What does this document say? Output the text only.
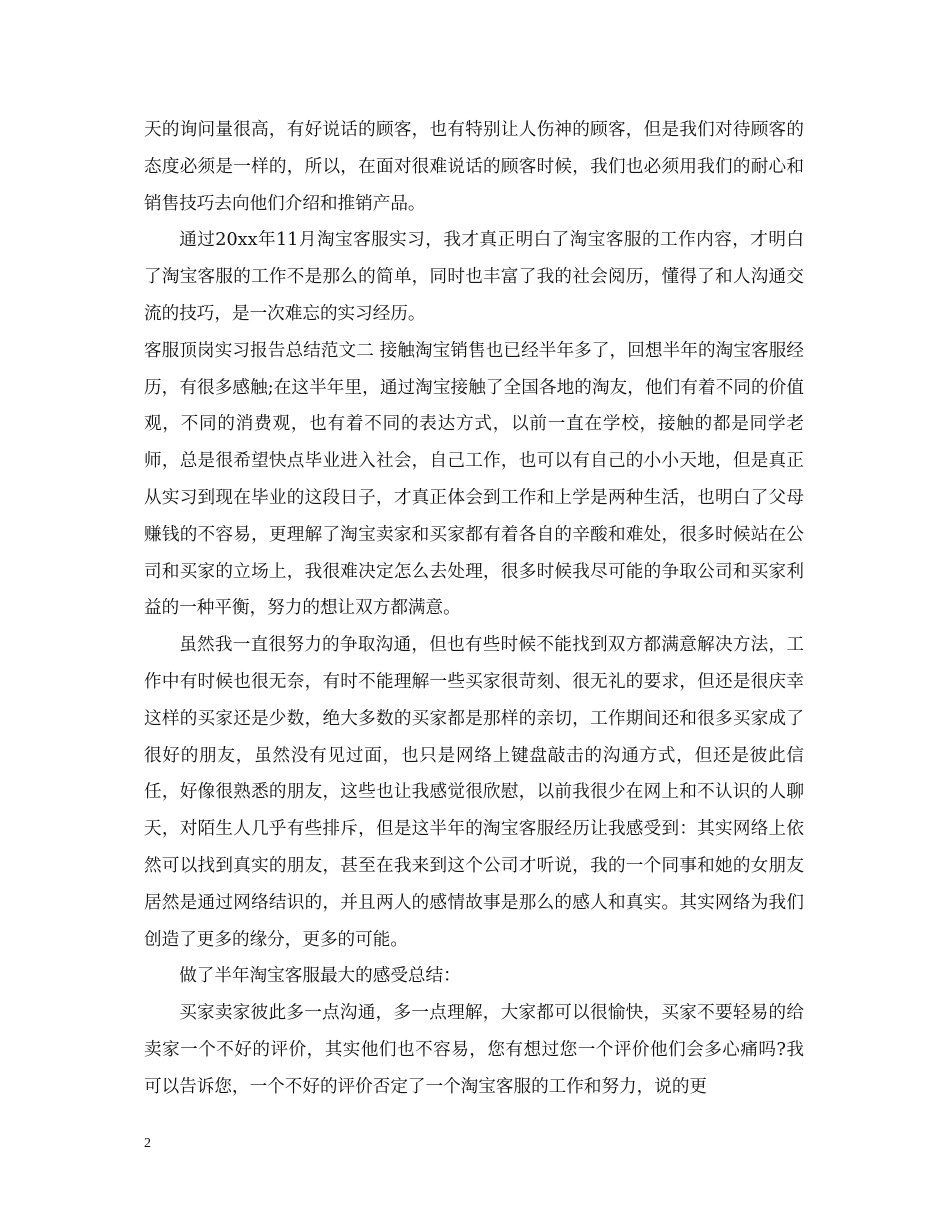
天的询问量很高，有好说话的顾客，也有特别让人伤神的顾客，但是我们对待顾客的态度必须是一样的，所以，在面对很难说话的顾客时候，我们也必须用我们的耐心和销售技巧去向他们介绍和推销产品。

通过20xx年11月淘宝客服实习，我才真正明白了淘宝客服的工作内容，才明白了淘宝客服的工作不是那么的简单，同时也丰富了我的社会阅历，懂得了和人沟通交流的技巧，是一次难忘的实习经历。

客服顶岗实习报告总结范文二 接触淘宝销售也已经半年多了，回想半年的淘宝客服经历，有很多感触;在这半年里，通过淘宝接触了全国各地的淘友，他们有着不同的价值观，不同的消费观，也有着不同的表达方式，以前一直在学校，接触的都是同学老师，总是很希望快点毕业进入社会，自己工作，也可以有自己的小小天地，但是真正从实习到现在毕业的这段日子，才真正体会到工作和上学是两种生活，也明白了父母赚钱的不容易，更理解了淘宝卖家和买家都有着各自的辛酸和难处，很多时候站在公司和买家的立场上，我很难决定怎么去处理，很多时候我尽可能的争取公司和买家利益的一种平衡，努力的想让双方都满意。

虽然我一直很努力的争取沟通，但也有些时候不能找到双方都满意解决方法，工作中有时候也很无奈，有时不能理解一些买家很苛刻、很无礼的要求，但还是很庆幸这样的买家还是少数，绝大多数的买家都是那样的亲切，工作期间还和很多买家成了很好的朋友，虽然没有见过面，也只是网络上键盘敲击的沟通方式，但还是彼此信任，好像很熟悉的朋友，这些也让我感觉很欣慰，以前我很少在网上和不认识的人聊天，对陌生人几乎有些排斥，但是这半年的淘宝客服经历让我感受到：其实网络上依然可以找到真实的朋友，甚至在我来到这个公司才听说，我的一个同事和她的女朋友居然是通过网络结识的，并且两人的感情故事是那么的感人和真实。其实网络为我们创造了更多的缘分，更多的可能。

做了半年淘宝客服最大的感受总结：

买家卖家彼此多一点沟通，多一点理解，大家都可以很愉快，买家不要轻易的给卖家一个不好的评价，其实他们也不容易，您有想过您一个评价他们会多心痛吗?我可以告诉您，一个不好的评价否定了一个淘宝客服的工作和努力，说的更

2
